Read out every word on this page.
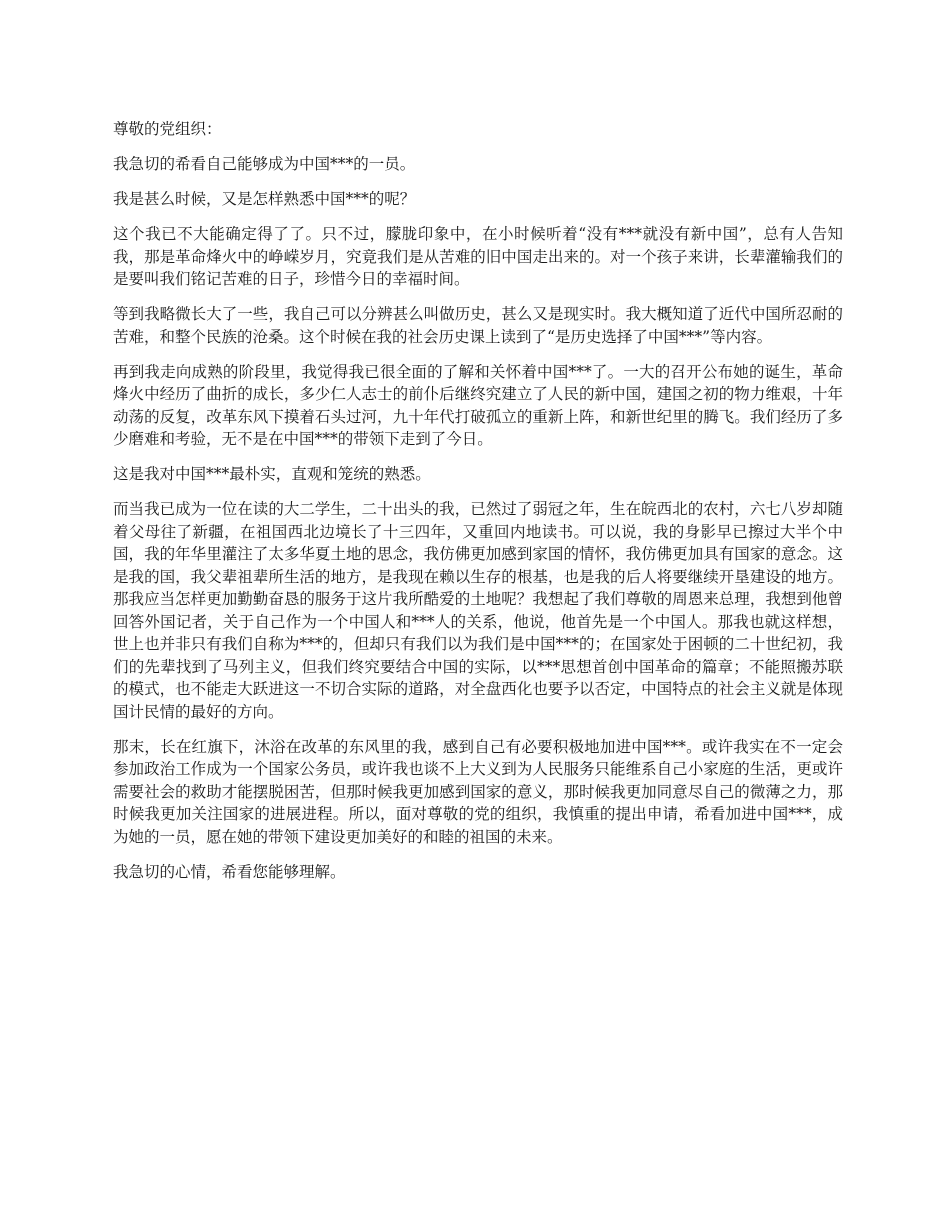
尊敬的党组织：

我急切的希看自己能够成为中国***的一员。

我是甚么时候，又是怎样熟悉中国***的呢？

这个我已不大能确定得了了。只不过，朦胧印象中，在小时候听着“没有***就没有新中国”，总有人告知我，那是革命烽火中的峥嵘岁月，究竟我们是从苦难的旧中国走出来的。对一个孩子来讲，长辈灌输我们的是要叫我们铭记苦难的日子，珍惜今日的幸福时间。

等到我略微长大了一些，我自己可以分辨甚么叫做历史，甚么又是现实时。我大概知道了近代中国所忍耐的苦难，和整个民族的沧桑。这个时候在我的社会历史课上读到了“是历史选择了中国***”等内容。

再到我走向成熟的阶段里，我觉得我已很全面的了解和关怀着中国***了。一大的召开公布她的诞生，革命烽火中经历了曲折的成长，多少仁人志士的前仆后继终究建立了人民的新中国，建国之初的物力维艰，十年动荡的反复，改革东风下摸着石头过河，九十年代打破孤立的重新上阵，和新世纪里的腾飞。我们经历了多少磨难和考验，无不是在中国***的带领下走到了今日。

这是我对中国***最朴实，直观和笼统的熟悉。

而当我已成为一位在读的大二学生，二十出头的我，已然过了弱冠之年，生在皖西北的农村，六七八岁却随着父母往了新疆，在祖国西北边境长了十三四年，又重回内地读书。可以说，我的身影早已擦过大半个中国，我的年华里灌注了太多华夏土地的思念，我仿佛更加感到家国的情怀，我仿佛更加具有国家的意念。这是我的国，我父辈祖辈所生活的地方，是我现在赖以生存的根基，也是我的后人将要继续开垦建设的地方。那我应当怎样更加勤勤奋恳的服务于这片我所酷爱的土地呢？我想起了我们尊敬的周恩来总理，我想到他曾回答外国记者，关于自己作为一个中国人和***人的关系，他说，他首先是一个中国人。那我也就这样想，世上也并非只有我们自称为***的，但却只有我们以为我们是中国***的；在国家处于困顿的二十世纪初，我们的先辈找到了马列主义，但我们终究要结合中国的实际，以***思想首创中国革命的篇章；不能照搬苏联的模式，也不能走大跃进这一不切合实际的道路，对全盘西化也要予以否定，中国特点的社会主义就是体现国计民情的最好的方向。

那末，长在红旗下，沐浴在改革的东风里的我，感到自己有必要积极地加进中国***。或许我实在不一定会参加政治工作成为一个国家公务员，或许我也谈不上大义到为人民服务只能维系自己小家庭的生活，更或许需要社会的救助才能摆脱困苦，但那时候我更加感到国家的意义，那时候我更加同意尽自己的微薄之力，那时候我更加关注国家的进展进程。所以，面对尊敬的党的组织，我慎重的提出申请，希看加进中国***，成为她的一员，愿在她的带领下建设更加美好的和睦的祖国的未来。

我急切的心情，希看您能够理解。
